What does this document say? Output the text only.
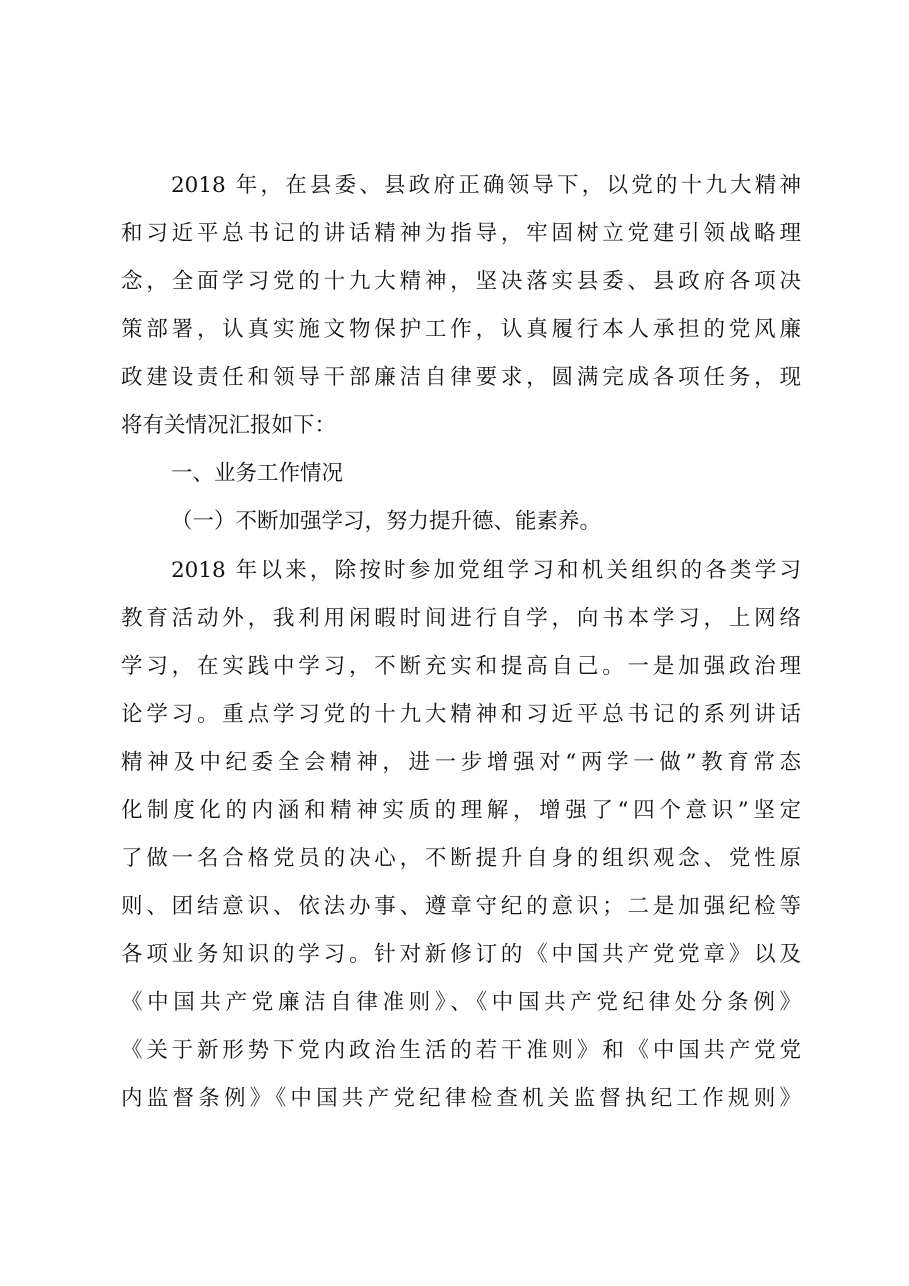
2018 年，在县委、县政府正确领导下，以党的十九大精神
和习近平总书记的讲话精神为指导，牢固树立党建引领战略理
念，全面学习党的十九大精神，坚决落实县委、县政府各项决
策部署，认真实施文物保护工作，认真履行本人承担的党风廉
政建设责任和领导干部廉洁自律要求，圆满完成各项任务，现
将有关情况汇报如下：
一、业务工作情况
（一）不断加强学习，努力提升德、能素养。
2018 年以来，除按时参加党组学习和机关组织的各类学习
教育活动外，我利用闲暇时间进行自学，向书本学习，上网络
学习，在实践中学习，不断充实和提高自己。一是加强政治理
论学习。重点学习党的十九大精神和习近平总书记的系列讲话
精神及中纪委全会精神，进一步增强对“两学一做”教育常态
化制度化的内涵和精神实质的理解，增强了“四个意识”坚定
了做一名合格党员的决心，不断提升自身的组织观念、党性原
则、团结意识、依法办事、遵章守纪的意识；二是加强纪检等
各项业务知识的学习。针对新修订的《中国共产党党章》以及
《中国共产党廉洁自律准则》、《中国共产党纪律处分条例》
《关于新形势下党内政治生活的若干准则》和《中国共产党党
内监督条例》《中国共产党纪律检查机关监督执纪工作规则》
